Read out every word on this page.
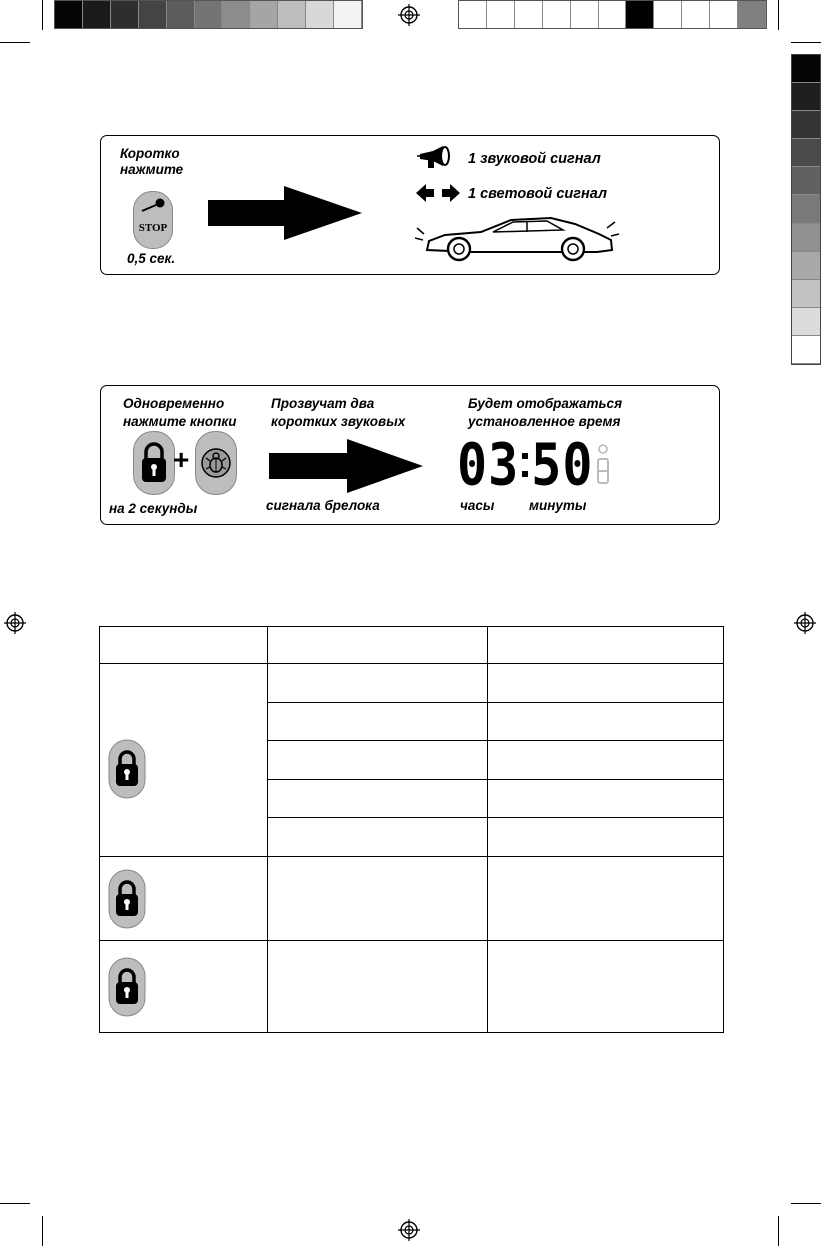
Коротко
нажмите
STOP
0,5 сек.
1 звуковой сигнал
1 световой сигнал
Одновременно
нажмите кнопки
+
на 2 секунды
Прозвучат два
коротких звуковых
сигнала брелока
Будет отображаться
установленное время
03 50
часы	минуты
